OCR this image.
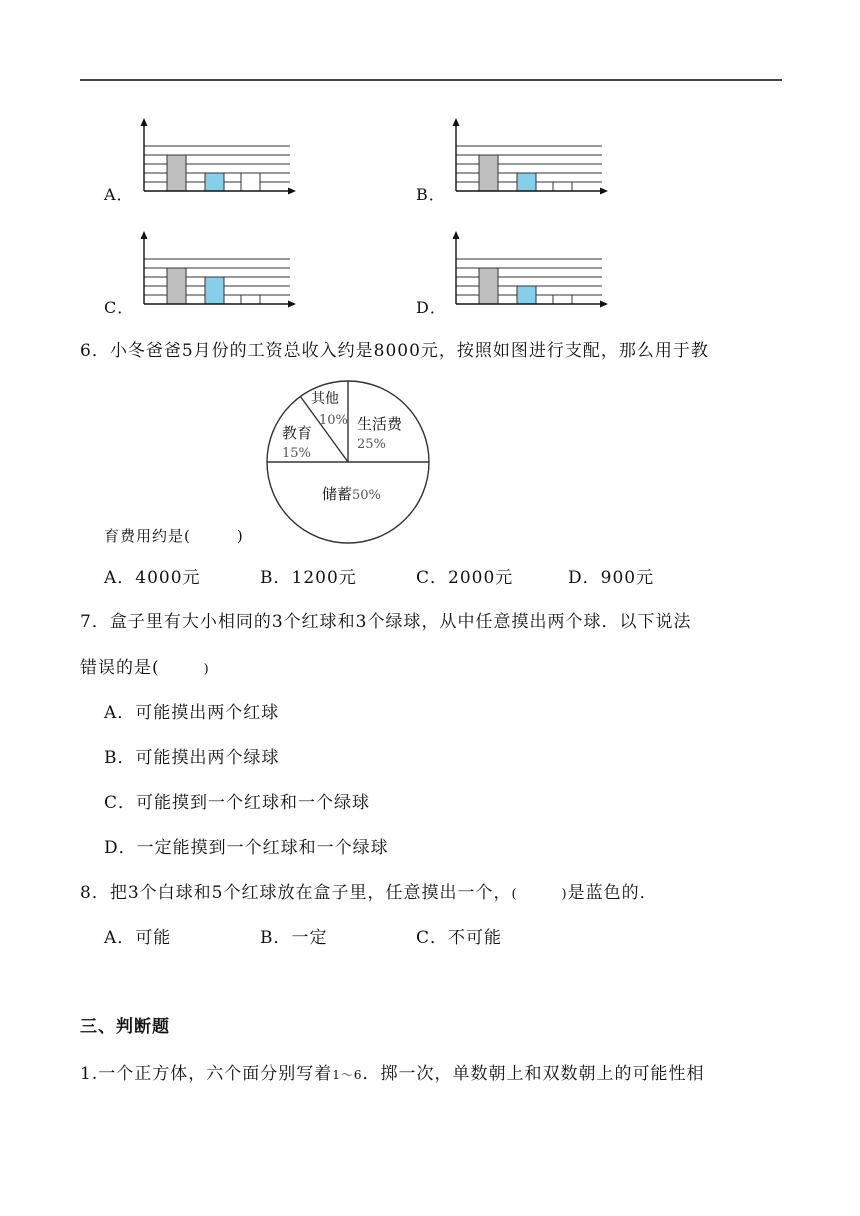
A．	B．
C．	D．
6．小冬爸爸5月份的工资总收入约是8000元，按照如图进行支配，那么用于教
其他
10% 生活费
25%
教育
15%
储蓄50%
育费用约是(	)
A．4000元	B．1200元	C．2000元	D．900元
7．盒子里有大小相同的3个红球和3个绿球，从中任意摸出两个球．以下说法
错误的是(	)
A．可能摸出两个红球
B．可能摸出两个绿球
C．可能摸到一个红球和一个绿球
D．一定能摸到一个红球和一个绿球
8．把3个白球和5个红球放在盒子里，任意摸出一个，(	)是蓝色的．
A．可能	B．一定	C．不可能
三、判断题
1.一个正方体，六个面分别写着1～6．掷一次，单数朝上和双数朝上的可能性相
